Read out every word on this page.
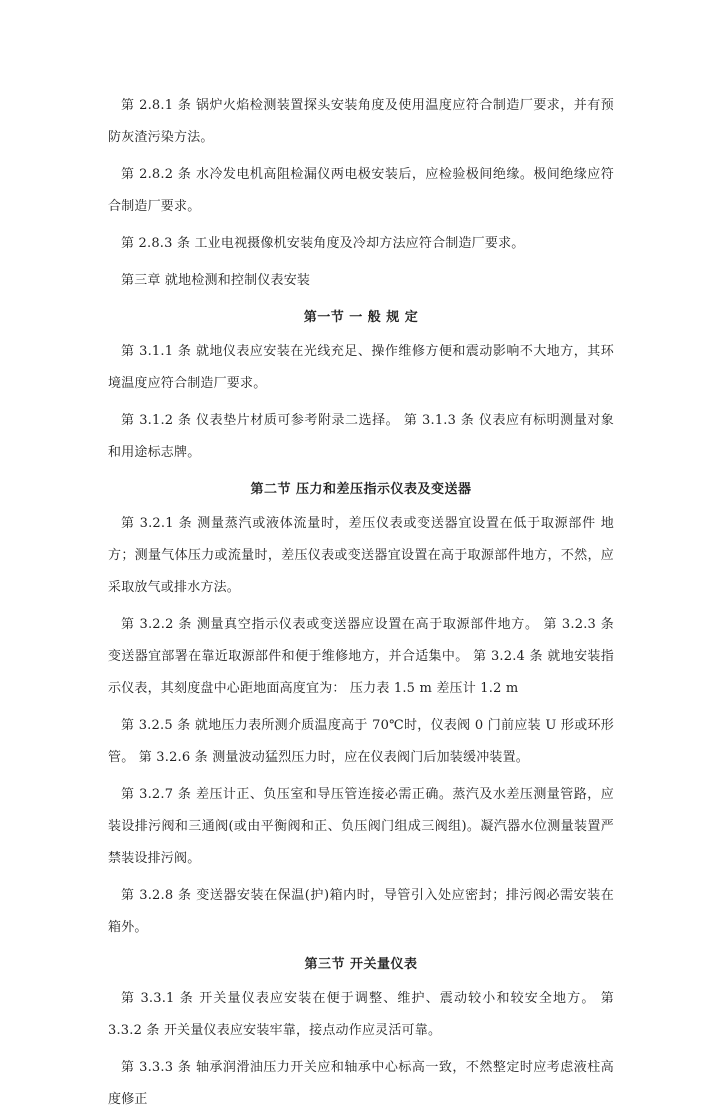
第 2.8.1 条 锅炉火焰检测装置探头安装角度及使用温度应符合制造厂要求，并有预防灰渣污染方法。

第 2.8.2 条 水冷发电机高阻检漏仪两电极安装后，应检验极间绝缘。极间绝缘应符合制造厂要求。

第 2.8.3 条 工业电视摄像机安装角度及冷却方法应符合制造厂要求。

第三章 就地检测和控制仪表安装

第一节 一 般 规 定

第 3.1.1 条 就地仪表应安装在光线充足、操作维修方便和震动影响不大地方，其环境温度应符合制造厂要求。

第 3.1.2 条 仪表垫片材质可参考附录二选择。 第 3.1.3 条 仪表应有标明测量对象和用途标志牌。

第二节 压力和差压指示仪表及变送器

第 3.2.1 条 测量蒸汽或液体流量时，差压仪表或变送器宜设置在低于取源部件 地方；测量气体压力或流量时，差压仪表或变送器宜设置在高于取源部件地方，不然，应采取放气或排水方法。

第 3.2.2 条 测量真空指示仪表或变送器应设置在高于取源部件地方。 第 3.2.3 条 变送器宜部署在靠近取源部件和便于维修地方，并合适集中。 第 3.2.4 条 就地安装指示仪表，其刻度盘中心距地面高度宜为： 压力表 1.5 m 差压计 1.2 m

第 3.2.5 条 就地压力表所测介质温度高于 70℃时，仪表阀 0 门前应装 U 形或环形管。 第 3.2.6 条 测量波动猛烈压力时，应在仪表阀门后加装缓冲装置。

第 3.2.7 条 差压计正、负压室和导压管连接必需正确。蒸汽及水差压测量管路，应装设排污阀和三通阀(或由平衡阀和正、负压阀门组成三阀组)。凝汽器水位测量装置严禁装设排污阀。

第 3.2.8 条 变送器安装在保温(护)箱内时，导管引入处应密封；排污阀必需安装在箱外。

第三节 开关量仪表

第 3.3.1 条 开关量仪表应安装在便于调整、维护、震动较小和较安全地方。 第 3.3.2 条 开关量仪表应安装牢靠，接点动作应灵活可靠。

第 3.3.3 条 轴承润滑油压力开关应和轴承中心标高一致，不然整定时应考虑液柱高度修正
